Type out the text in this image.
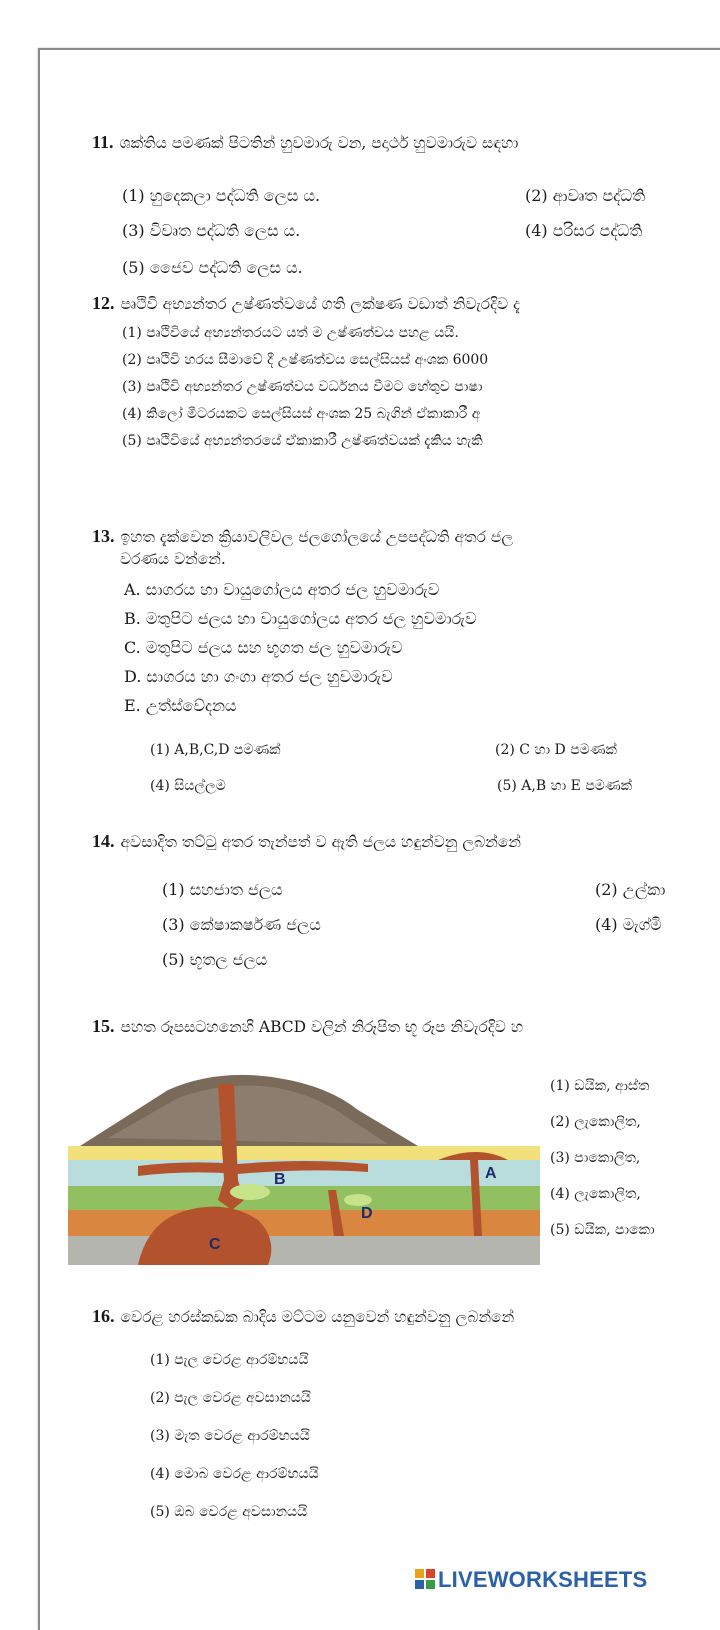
11. ශක්තිය පමණක් පිටතින් හුවමාරු වන, පදාර්ථ හුවමාරුව සඳහා
(1) හුදෙකලා පද්ධති ලෙස ය.	(2) ආවෘත පද්ධති
(3) විවෘත පද්ධති ලෙස ය.	(4) පරිසර පද්ධති
(5) ජෛව පද්ධති ලෙස ය.
12. පෘථිවි අභ්‍යන්තර උෂ්ණත්වයේ ගති ලක්ෂණ වඩාත් නිවැරදිව දැ
(1) පෘථිවියේ අභ්‍යන්තරයට යත් ම උෂ්ණත්වය පහළ යයි.
(2) පෘථිවි හරය සීමාවේ දී උෂ්ණත්වය සෙල්සියස් අංශක 6000
(3) පෘථිවි අභ්‍යන්තර උෂ්ණත්වය වර්ධනය වීමට හේතුව පාෂා
(4) කිලෝ මීටරයකට සෙල්සියස් අංශක 25 බැගින් ඒකාකාරී අ
(5) පෘථිවියේ අභ්‍යන්තරයේ ඒකාකාරී උෂ්ණත්වයක් දැකිය හැකි
13. ඉහත දැක්වෙන ක්‍රියාවලිවල ජලගෝලයේ උපපද්ධති අතර ජල
වරණය වන්නේ.
A. සාගරය හා වායුගෝලය අතර ජල හුවමාරුව
B. මතුපිට ජලය හා වායුගෝලය අතර ජල හුවමාරුව
C. මතුපිට ජලය සහ භූගත ජල හුවමාරුව
D. සාගරය හා ගංගා අතර ජල හුවමාරුව
E. උත්ස්වේදනය
(1) A,B,C,D පමණක්	(2) C හා D පමණක්
(4) සියල්ලම	(5) A,B හා E පමණක්
14. අවසාදිත තට්ටු අතර තැන්පත් ව ඇති ජලය හඳුන්වනු ලබන්නේ
(1) සහජාත ජලය	(2) උල්කා
(3) කේෂාකර්ෂණ ජලය	(4) මැග්මි
(5) භූතල ජලය
15. පහත රූපසටහනෙහි ABCD වලින් නිරූපිත භූ රූප නිවැරදිව හ
B	A
C
D
(1) ඩයික, ආස්ත
(2) ලැකොලිත,
(3) පාකොලිත,
(4) ලැකොලිත,
(5) ඩයික, පාකො
16. වෙරළ හරස්කඩක බාදිය මට්ටම යනුවෙන් හඳුන්වනු ලබන්නේ
(1) පැල වෙරළ ආරම්භයයි
(2) පැල වෙරළ අවසානයයි
(3) මැත වෙරළ ආරම්භයයි
(4) මොබ වෙරළ ආරම්භයයි
(5) ඔබ වෙරළ අවසානයයි
LIVEWORKSHEETS
